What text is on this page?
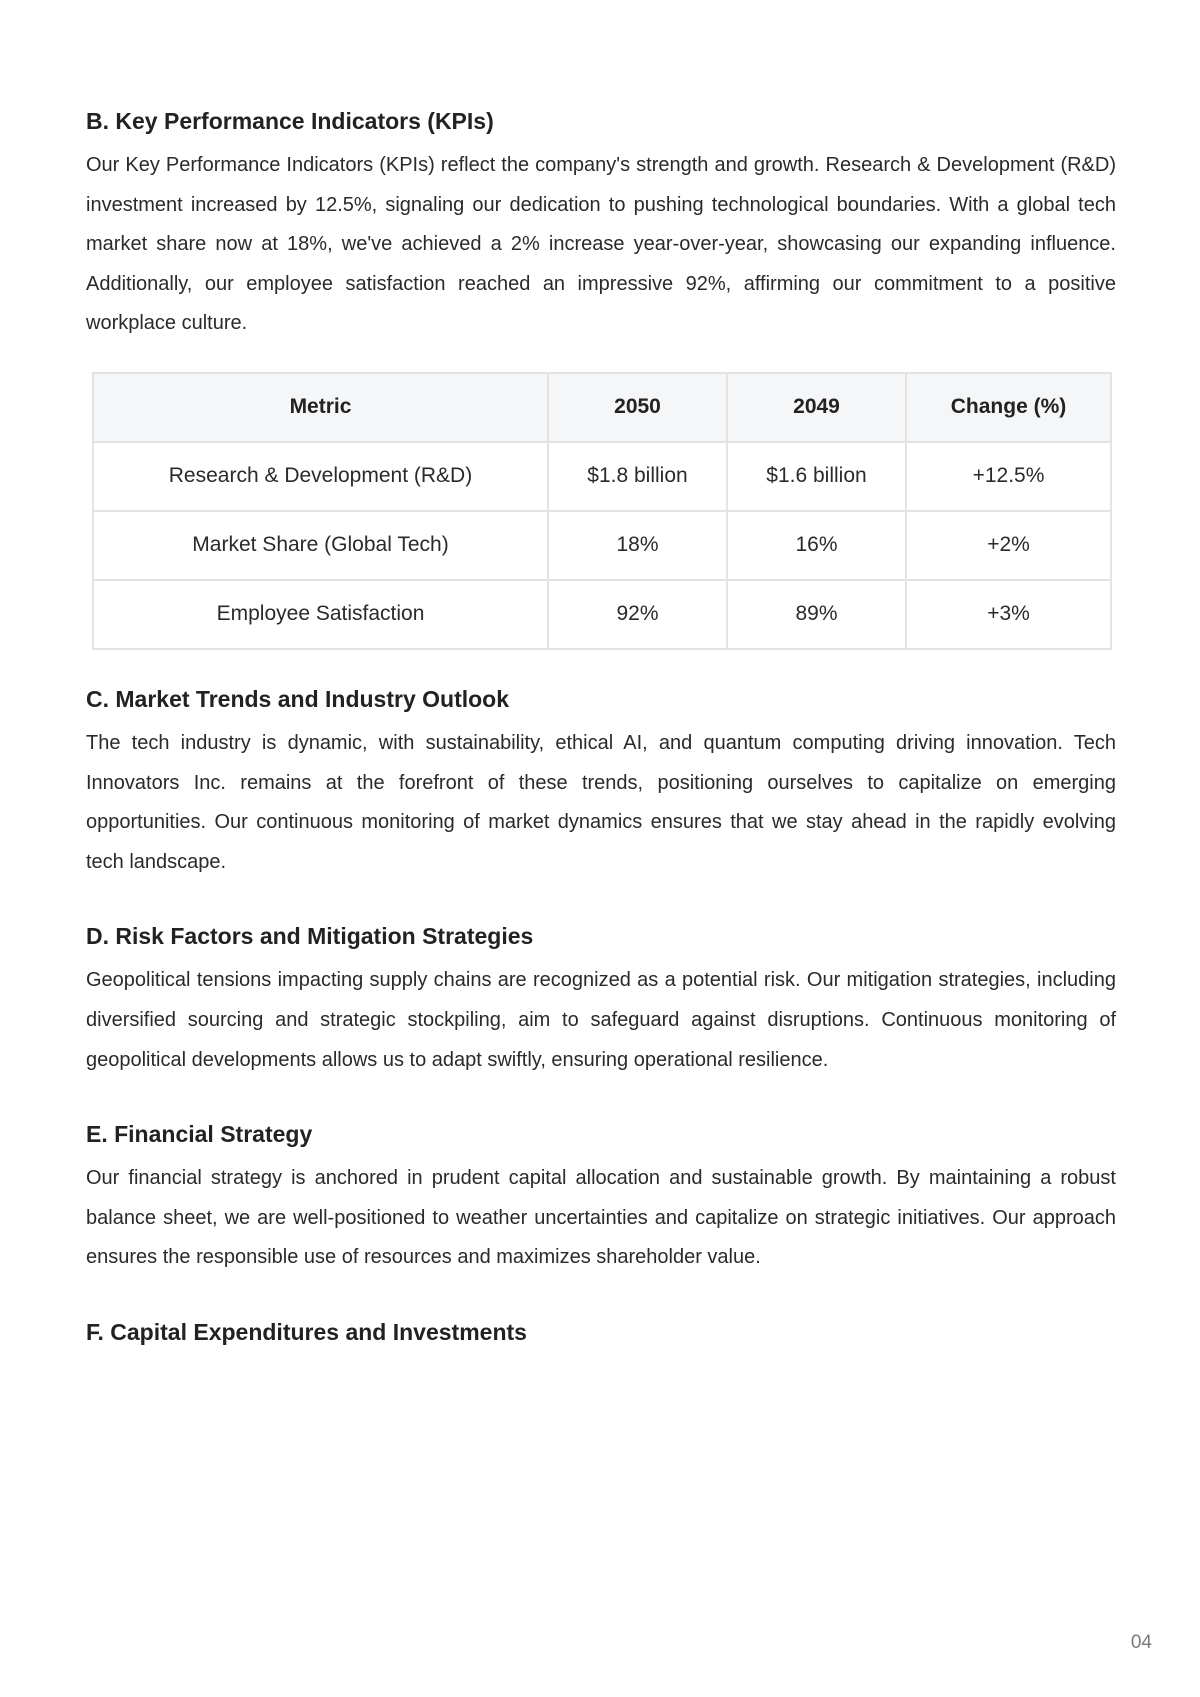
B. Key Performance Indicators (KPIs)

Our Key Performance Indicators (KPIs) reflect the company's strength and growth. Research & Development (R&D) investment increased by 12.5%, signaling our dedication to pushing technological boundaries. With a global tech market share now at 18%, we've achieved a 2% increase year-over-year, showcasing our expanding influence. Additionally, our employee satisfaction reached an impressive 92%, affirming our commitment to a positive workplace culture.

Metric	2050	2049	Change (%)
Research & Development (R&D)	$1.8 billion	$1.6 billion	+12.5%
Market Share (Global Tech)	18%	16%	+2%
Employee Satisfaction	92%	89%	+3%
C. Market Trends and Industry Outlook

The tech industry is dynamic, with sustainability, ethical AI, and quantum computing driving innovation. Tech Innovators Inc. remains at the forefront of these trends, positioning ourselves to capitalize on emerging opportunities. Our continuous monitoring of market dynamics ensures that we stay ahead in the rapidly evolving tech landscape.

D. Risk Factors and Mitigation Strategies

Geopolitical tensions impacting supply chains are recognized as a potential risk. Our mitigation strategies, including diversified sourcing and strategic stockpiling, aim to safeguard against disruptions. Continuous monitoring of geopolitical developments allows us to adapt swiftly, ensuring operational resilience.

E. Financial Strategy

Our financial strategy is anchored in prudent capital allocation and sustainable growth. By maintaining a robust balance sheet, we are well-positioned to weather uncertainties and capitalize on strategic initiatives. Our approach ensures the responsible use of resources and maximizes shareholder value.

F. Capital Expenditures and Investments
04
